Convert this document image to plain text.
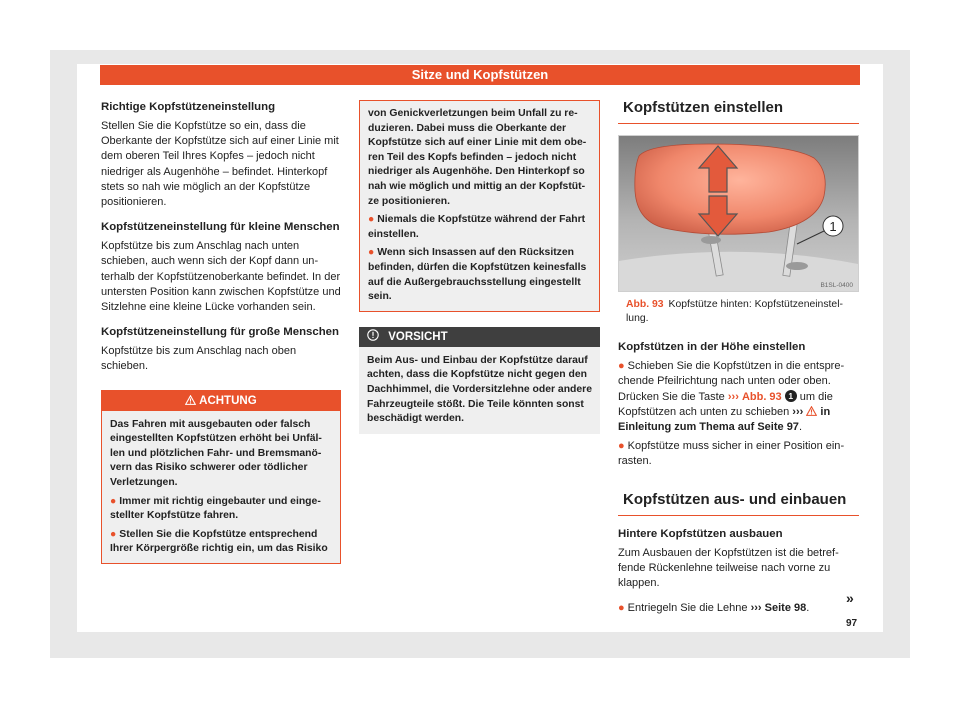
Sitze und Kopfstützen
Richtige Kopfstützeneinstellung

Stellen Sie die Kopfstütze so ein, dass die Oberkante der Kopfstütze sich auf einer Linie mit dem oberen Teil Ihres Kopfes – jedoch nicht niedriger als Augenhöhe – befindet. Hinterkopf stets so nah wie möglich an der Kopfstütze positionieren.

Kopfstützeneinstellung für kleine Menschen

Kopfstütze bis zum Anschlag nach unten schieben, auch wenn sich der Kopf dann unterhalb der Kopfstützenoberkante befindet. In der untersten Position kann zwischen Kopfstütze und Sitzlehne eine kleine Lücke vorhanden sein.

Kopfstützeneinstellung für große Menschen

Kopfstütze bis zum Anschlag nach oben schieben.

ACHTUNG

Das Fahren mit ausgebauten oder falsch eingestellten Kopfstützen erhöht bei Unfällen und plötzlichen Fahr- und Bremsmanövern das Risiko schwerer oder tödlicher Verletzungen.

● Immer mit richtig eingebauter und eingestellter Kopfstütze fahren.

● Stellen Sie die Kopfstütze entsprechend Ihrer Körpergröße richtig ein, um das Risiko

von Genickverletzungen beim Unfall zu reduzieren. Dabei muss die Oberkante der Kopfstütze sich auf einer Linie mit dem oberen Teil des Kopfs befinden – jedoch nicht niedriger als Augenhöhe. Den Hinterkopf so nah wie möglich und mittig an der Kopfstütze positionieren.

● Niemals die Kopfstütze während der Fahrt einstellen.

● Wenn sich Insassen auf den Rücksitzen befinden, dürfen die Kopfstützen keinesfalls auf die Außergebrauchsstellung eingestellt sein.

VORSICHT
Beim Aus- und Einbau der Kopfstütze darauf achten, dass die Kopfstütze nicht gegen den Dachhimmel, die Vordersitzlehne oder andere Fahrzeugteile stößt. Die Teile könnten sonst beschädigt werden.
Kopfstützen einstellen
1
B1SL-0400
Abb. 93 Kopfstütze hinten: Kopfstützeneinstellung.
Kopfstützen in der Höhe einstellen

● Schieben Sie die Kopfstützen in die entsprechende Pfeilrichtung nach unten oder oben. Drücken Sie die Taste ››› Abb. 93 1 um die Kopfstützen ach unten zu schieben ››› in Einleitung zum Thema auf Seite 97.

● Kopfstütze muss sicher in einer Position einrasten.

Kopfstützen aus- und einbauen
Hintere Kopfstützen ausbauen

Zum Ausbauen der Kopfstützen ist die betreffende Rückenlehne teilweise nach vorne zu klappen.

● Entriegeln Sie die Lehne ››› Seite 98.

»
97
